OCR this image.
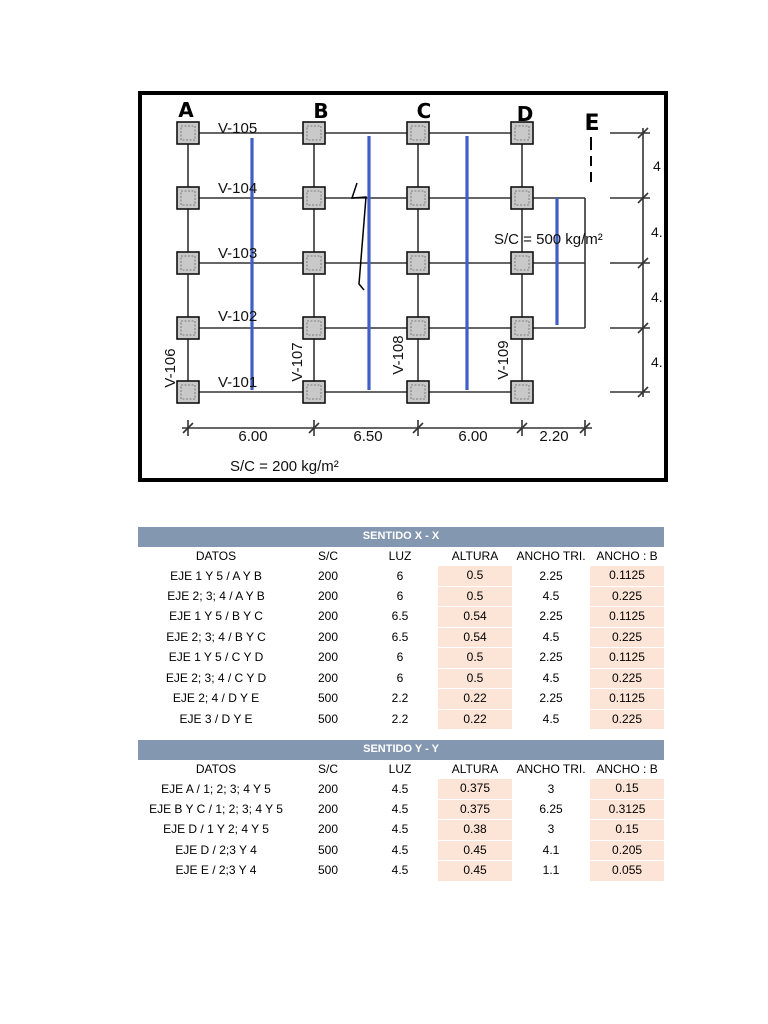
A	B	C	D E
V-105
V-104
V-103
V-102
V-101
V-106	V-107	V-108	V-109
S/C = 500 kg/m²
S/C = 200 kg/m²
6.00	6.50	6.00	2.20
4
4.
4.
4.
SENTIDO X - X					
DATOS	S/C	LUZ	ALTURA	ANCHO TRI.	ANCHO : B
EJE 1 Y 5 / A Y B	200	6	0.5	2.25	0.1125
EJE 2; 3; 4 / A Y B	200	6	0.5	4.5	0.225
EJE 1 Y 5 / B Y C	200	6.5	0.54	2.25	0.1125
EJE 2; 3; 4 / B Y C	200	6.5	0.54	4.5	0.225
EJE 1 Y 5 / C Y D	200	6	0.5	2.25	0.1125
EJE 2; 3; 4 / C Y D	200	6	0.5	4.5	0.225
EJE 2; 4 / D Y E	500	2.2	0.22	2.25	0.1125
EJE 3 / D Y E	500	2.2	0.22	4.5	0.225
SENTIDO Y - Y					
DATOS	S/C	LUZ	ALTURA	ANCHO TRI.	ANCHO : B
EJE A / 1; 2; 3; 4 Y 5	200	4.5	0.375	3	0.15
EJE B Y C / 1; 2; 3; 4 Y 5	200	4.5	0.375	6.25	0.3125
EJE D / 1 Y 2; 4 Y 5	200	4.5	0.38	3	0.15
EJE D / 2;3 Y 4	500	4.5	0.45	4.1	0.205
EJE E / 2;3 Y 4	500	4.5	0.45	1.1	0.055
